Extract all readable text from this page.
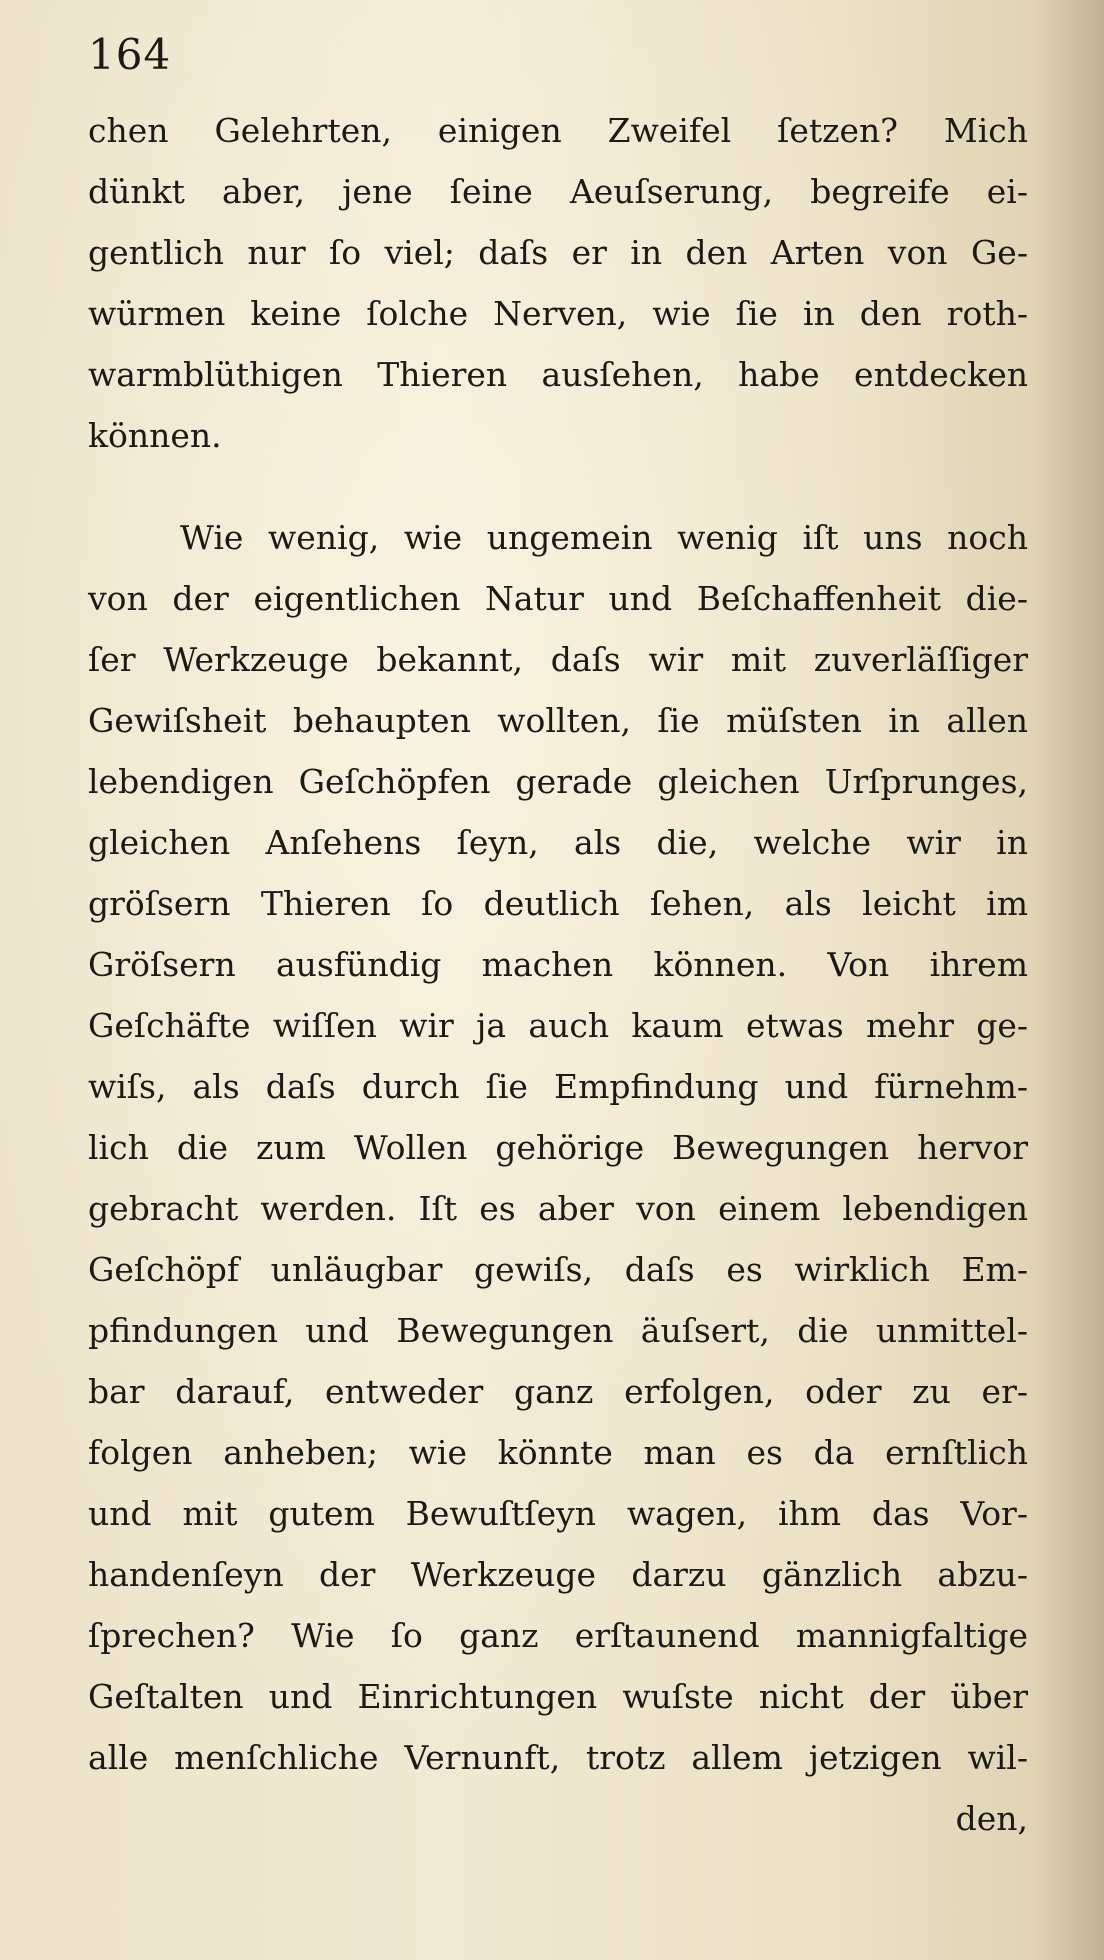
164

chen Gelehrten, einigen Zweifel ſetzen? Mich
dünkt aber, jene ſeine Aeuſserung, begreife ei-
gentlich nur ſo viel; daſs er in den Arten von Ge-
würmen keine ſolche Nerven, wie ſie in den roth-
warmblüthigen Thieren ausſehen, habe entdecken
können.

Wie wenig, wie ungemein wenig iſt uns noch
von der eigentlichen Natur und Beſchaffenheit die-
ſer Werkzeuge bekannt, daſs wir mit zuverläſſiger
Gewiſsheit behaupten wollten, ſie müſsten in allen
lebendigen Geſchöpfen gerade gleichen Urſprunges,
gleichen Anſehens ſeyn, als die, welche wir in
gröſsern Thieren ſo deutlich ſehen, als leicht im
Gröſsern ausfündig machen können. Von ihrem
Geſchäfte wiſſen wir ja auch kaum etwas mehr ge-
wiſs, als daſs durch ſie Empfindung und fürnehm-
lich die zum Wollen gehörige Bewegungen hervor
gebracht werden. Iſt es aber von einem lebendigen
Geſchöpf unläugbar gewiſs, daſs es wirklich Em-
pfindungen und Bewegungen äuſsert, die unmittel-
bar darauf, entweder ganz erfolgen, oder zu er-
folgen anheben; wie könnte man es da ernſtlich
und mit gutem Bewuſtſeyn wagen, ihm das Vor-
handenſeyn der Werkzeuge darzu gänzlich abzu-
ſprechen? Wie ſo ganz erſtaunend mannigfaltige
Geſtalten und Einrichtungen wuſste nicht der über
alle menſchliche Vernunft, trotz allem jetzigen wil-
den,
